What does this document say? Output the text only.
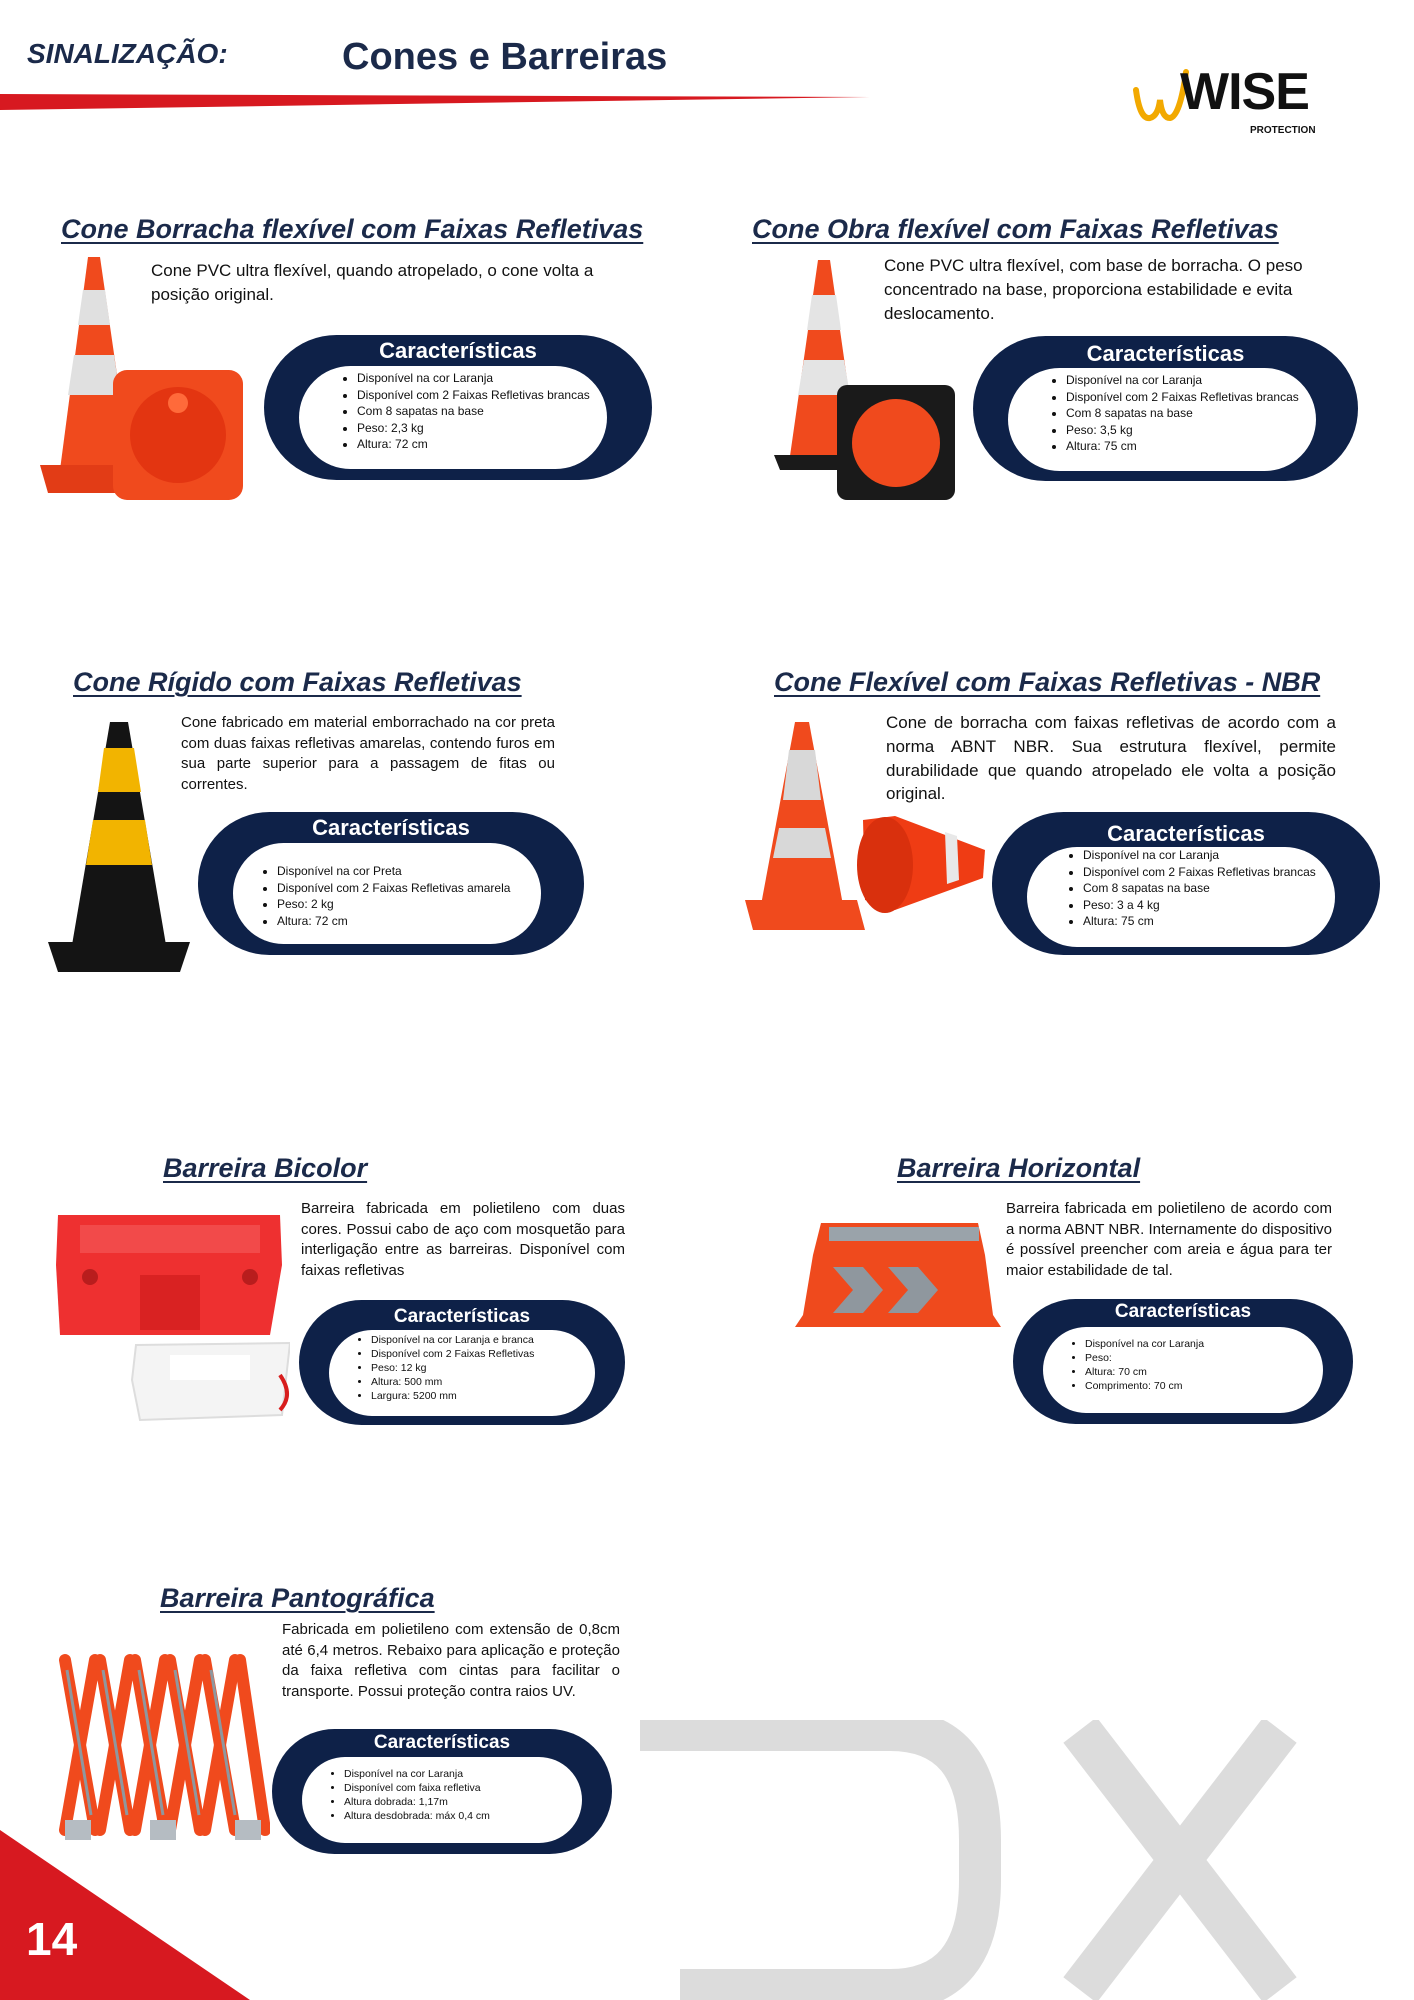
SINALIZAÇÃO:	Cones e Barreiras
WISE
PROTECTION
Cone Borracha flexível com Faixas Refletivas

Cone PVC ultra flexível, quando atropelado, o cone volta a posição original.

Características
• Disponível na cor Laranja
• Disponível com 2 Faixas Refletivas brancas
• Com 8 sapatas na base
• Peso: 2,3 kg
• Altura: 72 cm
Cone Obra flexível com Faixas Refletivas

Cone PVC ultra flexível, com base de borracha. O peso concentrado na base, proporciona estabilidade e evita deslocamento.

Características
• Disponível na cor Laranja
• Disponível com 2 Faixas Refletivas brancas
• Com 8 sapatas na base
• Peso: 3,5 kg
• Altura: 75 cm
Cone Rígido com Faixas Refletivas

Cone fabricado em material emborrachado na cor preta com duas faixas refletivas amarelas, contendo furos em sua parte superior para a passagem de fitas ou correntes.

Características
• Disponível na cor Preta
• Disponível com 2 Faixas Refletivas amarela
• Peso: 2 kg
• Altura: 72 cm
Cone Flexível com Faixas Refletivas - NBR

Cone de borracha com faixas refletivas de acordo com a norma ABNT NBR. Sua estrutura flexível, permite durabilidade que quando atropelado ele volta a posição original.

Características
• Disponível na cor Laranja
• Disponível com 2 Faixas Refletivas brancas
• Com 8 sapatas na base
• Peso: 3 a 4 kg
• Altura: 75 cm
Barreira Bicolor

Barreira fabricada em polietileno com duas cores. Possui cabo de aço com mosquetão para interligação entre as barreiras. Disponível com faixas refletivas

Características
• Disponível na cor Laranja e branca
• Disponível com 2 Faixas Refletivas
• Peso: 12 kg
• Altura: 500 mm
• Largura: 5200 mm
Barreira Horizontal

Barreira fabricada em polietileno de acordo com a norma ABNT NBR. Internamente do dispositivo é possível preencher com areia e água para ter maior estabilidade de tal.

Características
• Disponível na cor Laranja
• Peso:
• Altura: 70 cm
• Comprimento: 70 cm
Barreira Pantográfica

Fabricada em polietileno com extensão de 0,8cm até 6,4 metros. Rebaixo para aplicação e proteção da faixa refletiva com cintas para facilitar o transporte. Possui proteção contra raios UV.

Características
• Disponível na cor Laranja
• Disponível com faixa refletiva
• Altura dobrada: 1,17m
• Altura desdobrada: máx 0,4 cm

14
